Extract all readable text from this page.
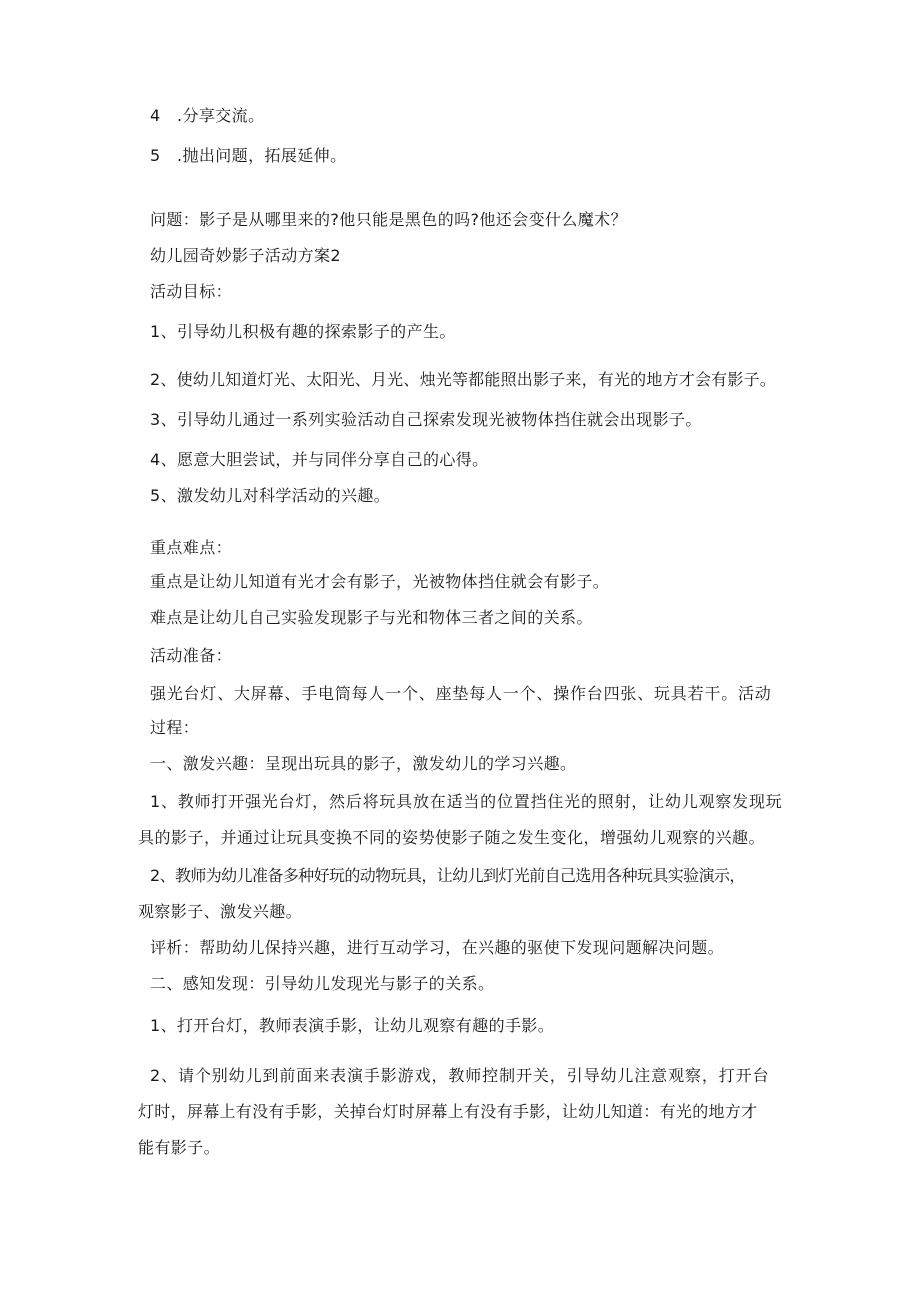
4　.分享交流。
5　.抛出问题，拓展延伸。
问题：影子是从哪里来的?他只能是黑色的吗?他还会变什么魔术？
幼儿园奇妙影子活动方案2
活动目标：
1、引导幼儿积极有趣的探索影子的产生。
2、使幼儿知道灯光、太阳光、月光、烛光等都能照出影子来，有光的地方才会有影子。
3、引导幼儿通过一系列实验活动自己探索发现光被物体挡住就会出现影子。
4、愿意大胆尝试，并与同伴分享自己的心得。
5、激发幼儿对科学活动的兴趣。
重点难点：
重点是让幼儿知道有光才会有影子，光被物体挡住就会有影子。
难点是让幼儿自己实验发现影子与光和物体三者之间的关系。
活动准备：
强光台灯、大屏幕、手电筒每人一个、座垫每人一个、操作台四张、玩具若干。活动
过程：
一、激发兴趣：呈现出玩具的影子，激发幼儿的学习兴趣。
1、教师打开强光台灯，然后将玩具放在适当的位置挡住光的照射，让幼儿观察发现玩
具的影子，并通过让玩具变换不同的姿势使影子随之发生变化，增强幼儿观察的兴趣。
2、教师为幼儿准备多种好玩的动物玩具，让幼儿到灯光前自己选用各种玩具实验演示，
观察影子、激发兴趣。
评析：帮助幼儿保持兴趣，进行互动学习，在兴趣的驱使下发现问题解决问题。
二、感知发现：引导幼儿发现光与影子的关系。
1、打开台灯，教师表演手影，让幼儿观察有趣的手影。
2、请个别幼儿到前面来表演手影游戏，教师控制开关，引导幼儿注意观察，打开台
灯时，屏幕上有没有手影，关掉台灯时屏幕上有没有手影，让幼儿知道：有光的地方才
能有影子。
